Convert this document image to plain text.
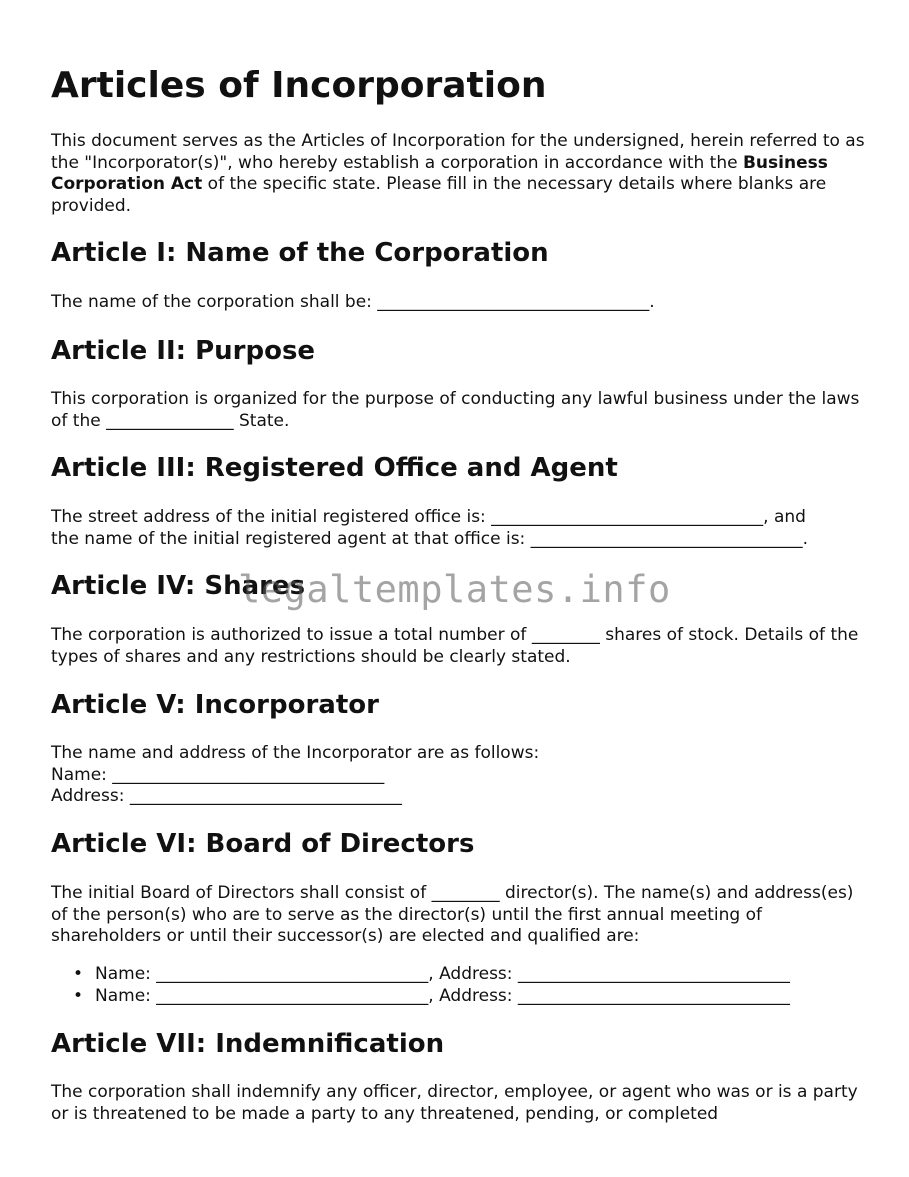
Articles of Incorporation

This document serves as the Articles of Incorporation for the undersigned, herein referred to as the "Incorporator(s)", who hereby establish a corporation in accordance with the Business Corporation Act of the specific state. Please fill in the necessary details where blanks are provided.

Article I: Name of the Corporation

The name of the corporation shall be: ________________________________.

Article II: Purpose

This corporation is organized for the purpose of conducting any lawful business under the laws of the _______________ State.

Article III: Registered Office and Agent

The street address of the initial registered office is: ________________________________, and

the name of the initial registered agent at that office is: ________________________________.

Article IV: Shares

The corporation is authorized to issue a total number of ________ shares of stock. Details of the types of shares and any restrictions should be clearly stated.

Article V: Incorporator

The name and address of the Incorporator are as follows:

Name: ________________________________

Address: ________________________________

Article VI: Board of Directors

The initial Board of Directors shall consist of ________ director(s). The name(s) and address(es) of the person(s) who are to serve as the director(s) until the first annual meeting of shareholders or until their successor(s) are elected and qualified are:

• Name: ________________________________, Address: ________________________________
• Name: ________________________________, Address: ________________________________
Article VII: Indemnification

The corporation shall indemnify any officer, director, employee, or agent who was or is a party or is threatened to be made a party to any threatened, pending, or completed

legaltemplates.info
